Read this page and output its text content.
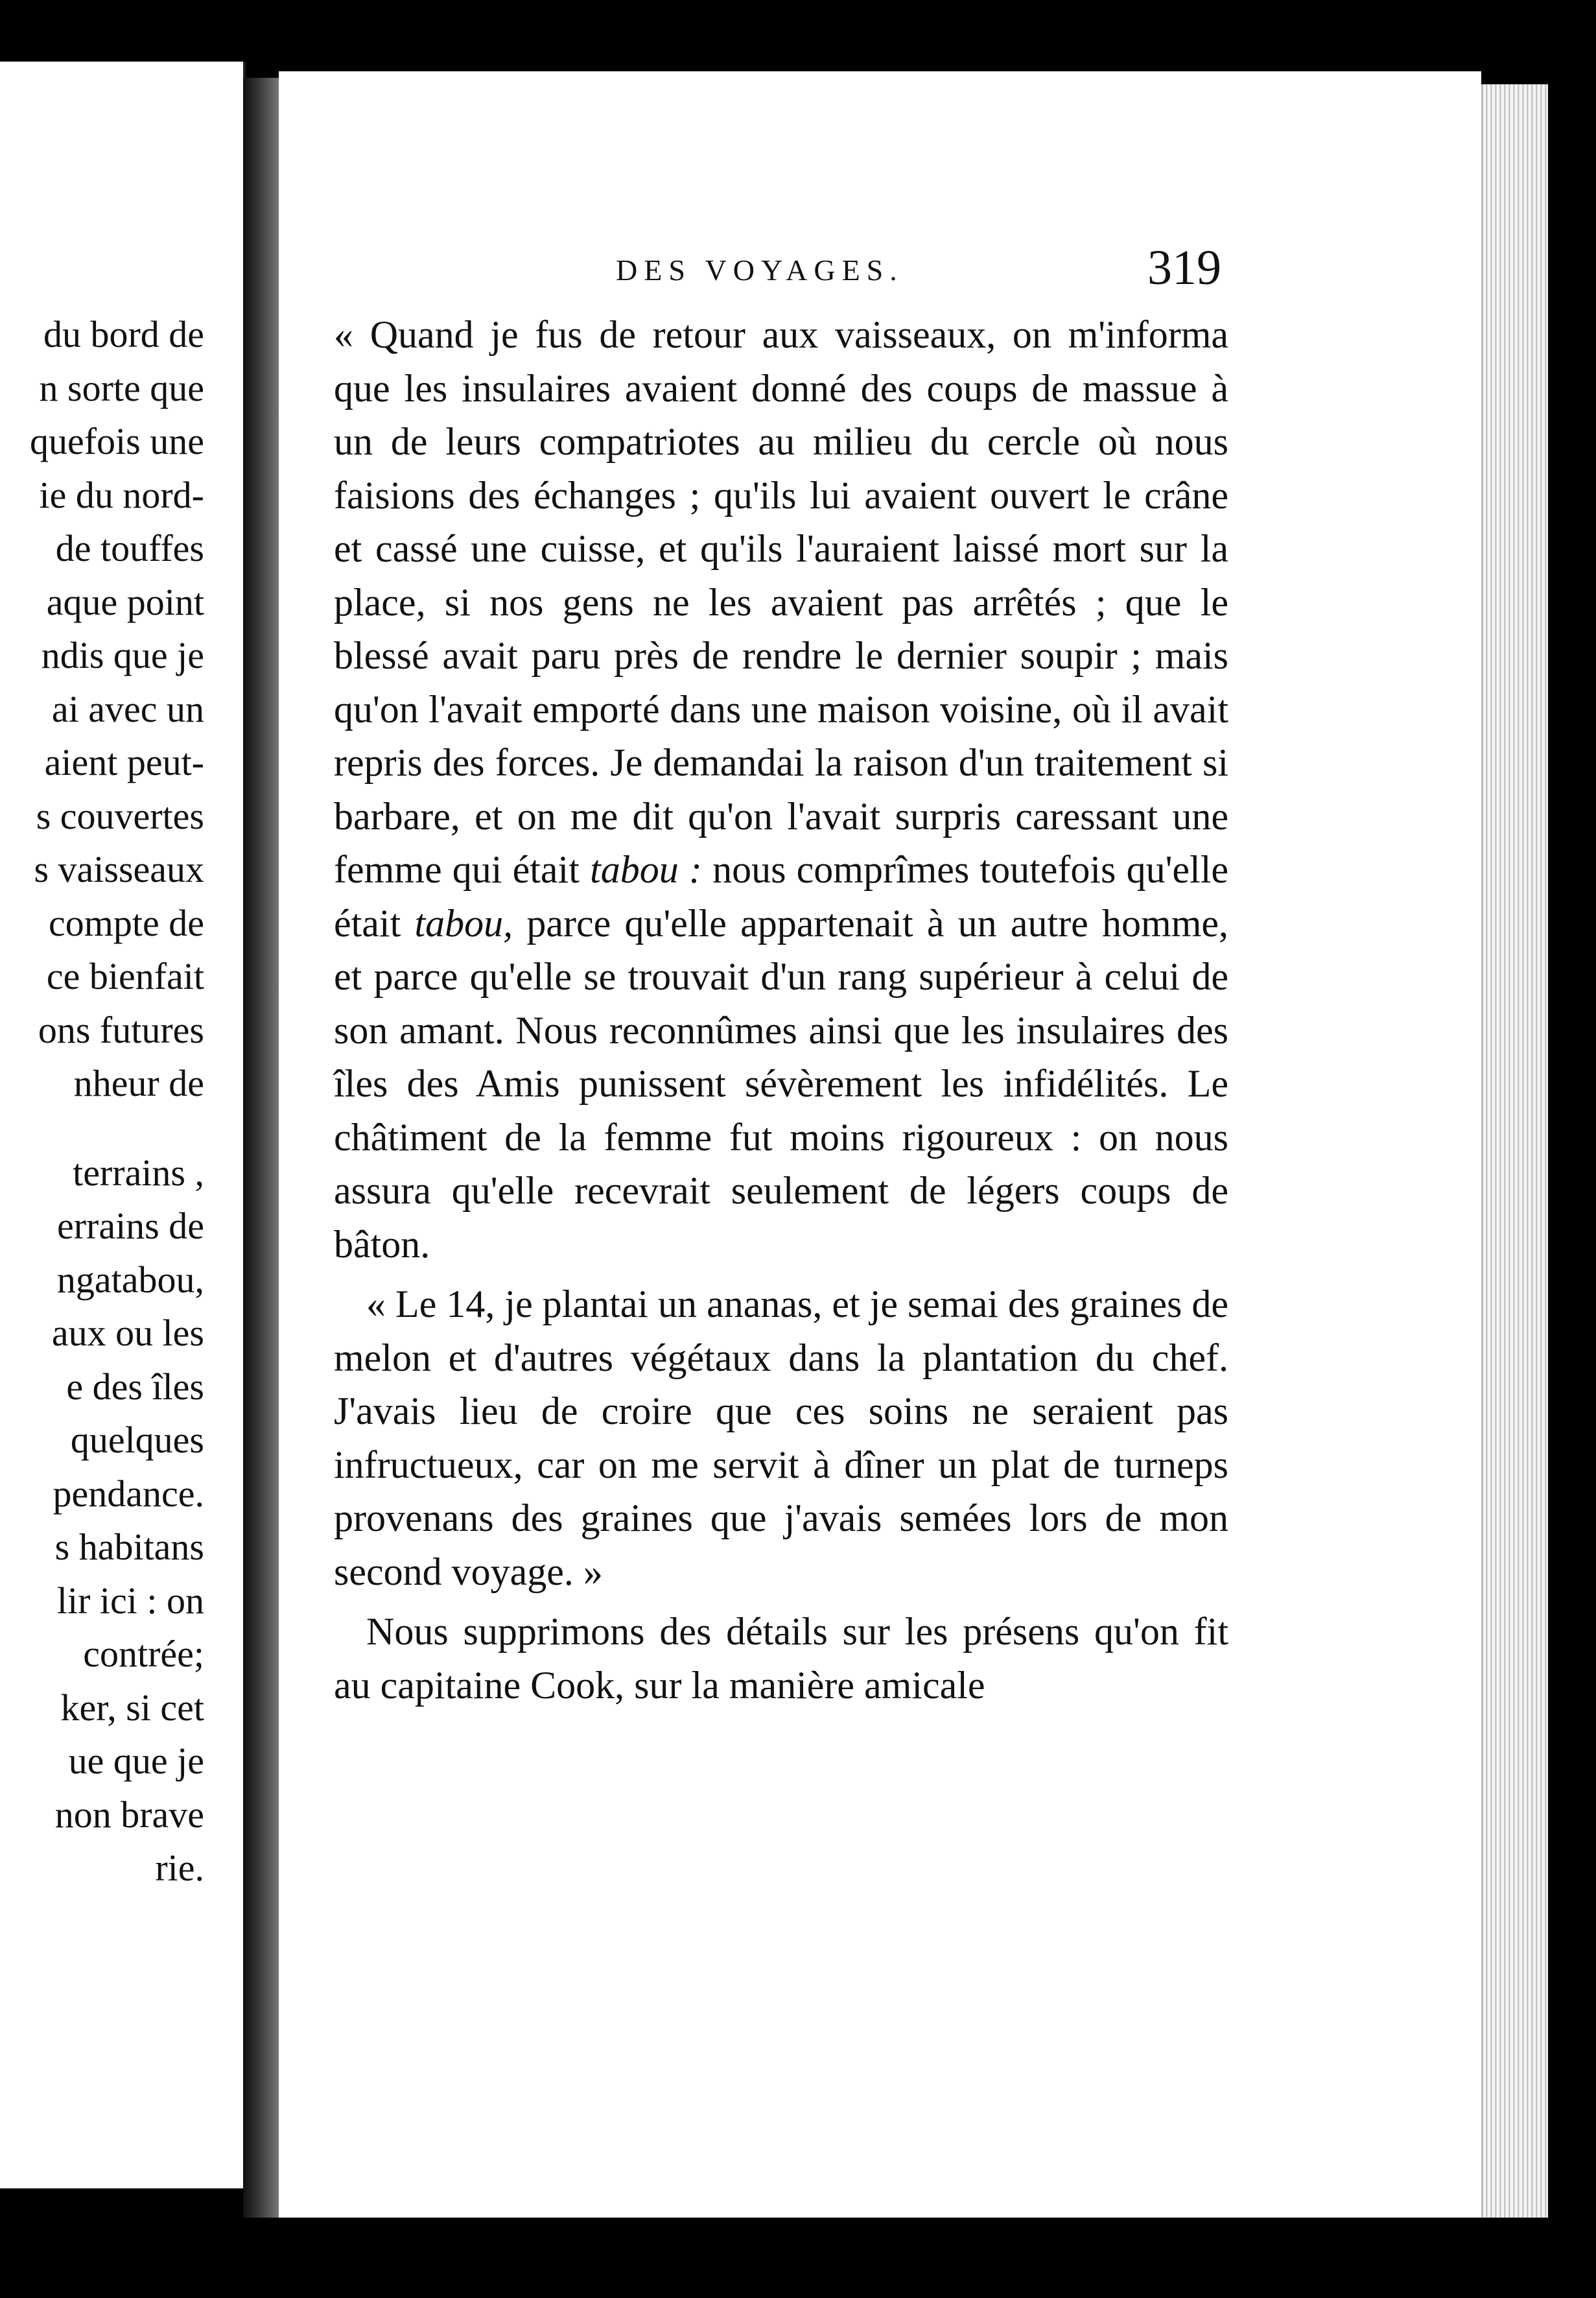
du bord de
n sorte que
quefois une
ie du nord-
de touffes
aque point
ndis que je
ai avec un
aient peut-
s couvertes
s vaisseaux
compte de
ce bienfait
ons futures
nheur de
terrains ,
errains de
ngatabou,
aux ou les
e des îles
quelques
pendance.
s habitans
lir ici : on
contrée;
ker, si cet
ue que je
non brave
rie.
DES VOYAGES.	319

« Quand je fus de retour aux vaisseaux, on m'informa que les insulaires avaient donné des coups de massue à un de leurs compatriotes au milieu du cercle où nous faisions des échanges ; qu'ils lui avaient ouvert le crâne et cassé une cuisse, et qu'ils l'auraient laissé mort sur la place, si nos gens ne les avaient pas arrêtés ; que le blessé avait paru près de rendre le dernier soupir ; mais qu'on l'avait emporté dans une maison voisine, où il avait repris des forces. Je demandai la raison d'un traitement si barbare, et on me dit qu'on l'avait surpris caressant une femme qui était tabou : nous comprîmes toutefois qu'elle était tabou, parce qu'elle appartenait à un autre homme, et parce qu'elle se trouvait d'un rang supérieur à celui de son amant. Nous reconnûmes ainsi que les insulaires des îles des Amis punissent sévèrement les infidélités. Le châtiment de la femme fut moins rigoureux : on nous assura qu'elle recevrait seulement de légers coups de bâton.

« Le 14, je plantai un ananas, et je semai des graines de melon et d'autres végétaux dans la plantation du chef. J'avais lieu de croire que ces soins ne seraient pas infructueux, car on me servit à dîner un plat de turneps provenans des graines que j'avais semées lors de mon second voyage. »

Nous supprimons des détails sur les présens qu'on fit au capitaine Cook, sur la manière amicale
